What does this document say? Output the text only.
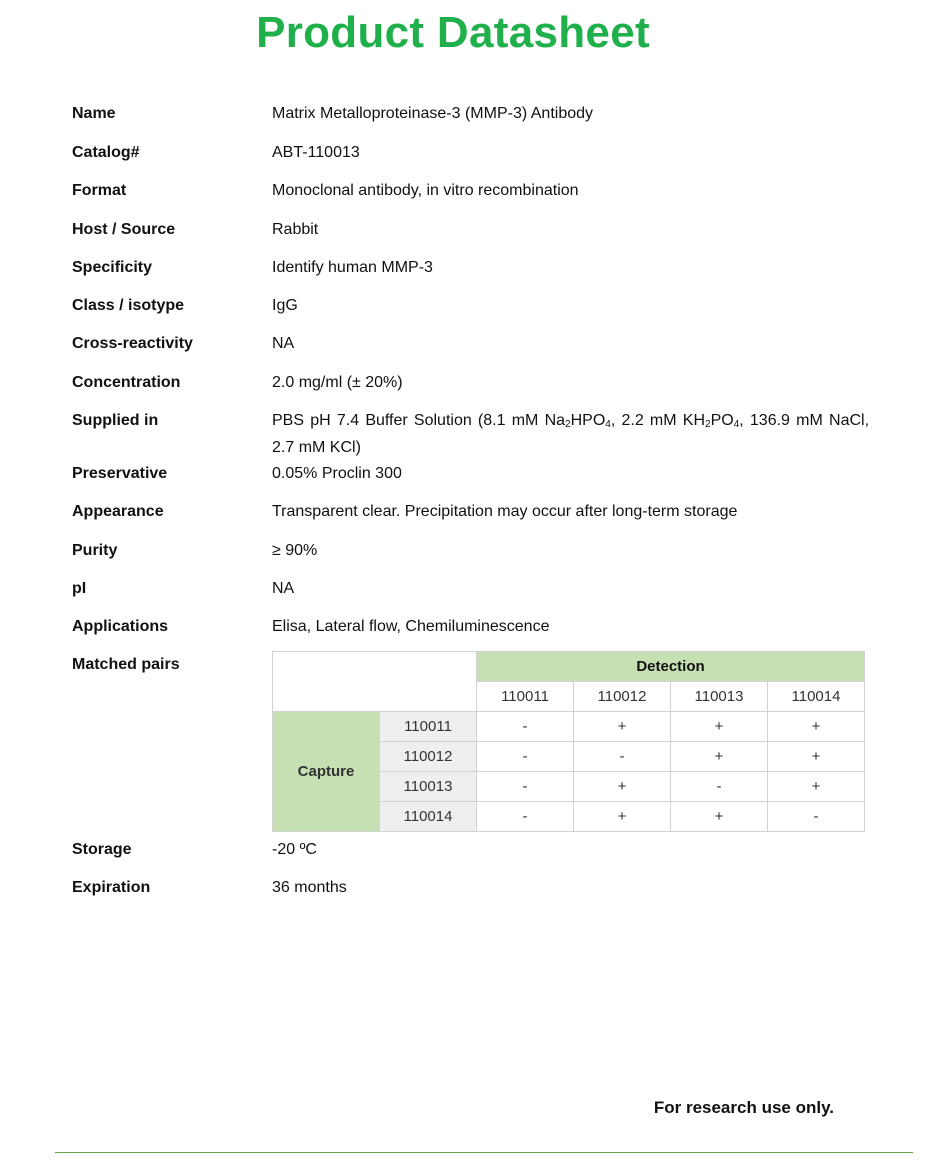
Product Datasheet
Name	Matrix Metalloproteinase-3 (MMP-3) Antibody
Catalog#	ABT-110013
Format	Monoclonal antibody, in vitro recombination
Host / Source	Rabbit
Specificity	Identify human MMP-3
Class / isotype	IgG
Cross-reactivity	NA
Concentration	2.0 mg/ml (± 20%)
Supplied in	PBS pH 7.4 Buffer Solution (8.1 mM $Na_2HPO_4$, 2.2 mM $KH_2PO_4$, 136.9 mM NaCl, 2.7 mM KCl)
Preservative	0.05% Proclin 300
Appearance	Transparent clear. Precipitation may occur after long-term storage
Purity	≥ 90%
pI	NA
Applications	Elisa, Lateral flow, Chemiluminescence
Matched pairs
		Detection			
		110011	110012	110013	110014
Capture	110011	-	+	+	+
	110012	-	-	+	+
	110013	-	+	-	+
	110014	-	+	+	-
Storage	-20 ºC
Expiration	36 months
For research use only.
